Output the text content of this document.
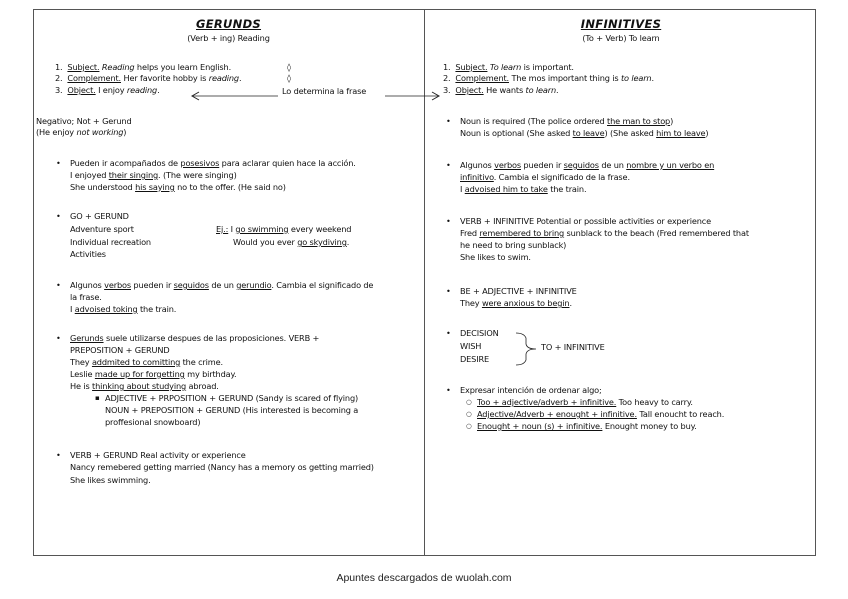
GERUNDS
(Verb + ing) Reading
1. Subject. Reading helps you learn English.	◊
2. Complement. Her favorite hobby is reading.	◊
3. Object. I enjoy reading.	Lo determina la frase
Negativo; Not + Gerund
(He enjoy not working)
• Pueden ir acompañados de posesivos para aclarar quien hace la acción.
I enjoyed their singing. (The were singing)
She understood his saying no to the offer. (He said no)
• GO + GERUND
Adventure sport
Individual recreation
Activities
Ej.: I go swimming every weekend
Would you ever go skydiving.
• Algunos verbos pueden ir seguidos de un gerundio. Cambia el significado de
la frase.
I advoised toking the train.
• Gerunds suele utilizarse despues de las proposiciones. VERB +
PREPOSITION + GERUND
They addmited to comitting the crime.
Leslie made up for forgetting my birthday.
He is thinking about studying abroad.
▪ ADJECTIVE + PRPOSITION + GERUND (Sandy is scared of flying)
NOUN + PREPOSITION + GERUND (His interested is becoming a
proffesional snowboard)
• VERB + GERUND Real activity or experience
Nancy remebered getting married (Nancy has a memory os getting married)
She likes swimming.
INFINITIVES
(To + Verb) To learn
1. Subject. To learn is important.
2. Complement. The mos important thing is to learn.
3. Object. He wants to learn.
• Noun is required (The police ordered the man to stop)
Noun is optional (She asked to leave) (She asked him to leave)
• Algunos verbos pueden ir seguidos de un nombre y un verbo en
infinitivo. Cambia el significado de la frase.
I advoised him to take the train.
• VERB + INFINITIVE Potential or possible activities or experience
Fred remembered to bring sunblack to the beach (Fred remembered that
he need to bring sunblack)
She likes to swim.
• BE + ADJECTIVE + INFINITIVE
They were anxious to begin.
• DECISION
WISH
DESIRE
TO + INFINITIVE
• Expresar intención de ordenar algo;
○ Too + adjective/adverb + infinitive. Too heavy to carry.
○ Adjective/Adverb + enought + infinitive. Tall enoucht to reach.
○ Enought + noun (s) + infinitive. Enought money to buy.
Apuntes descargados de wuolah.com
